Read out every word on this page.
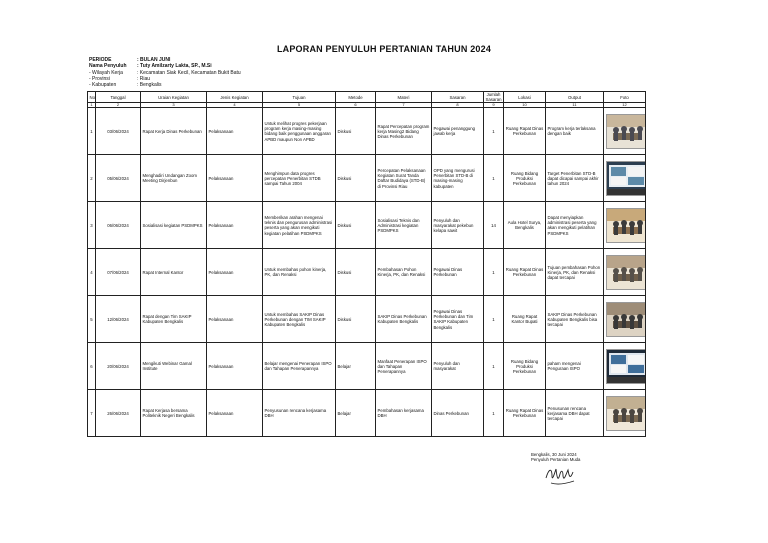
LAPORAN PENYULUH PERTANIAN TAHUN 2024
PERIODE	: BULAN JUNI
Nama Penyuluh	: Tuty Amilzarty Lakta, SP., M.Si
- Wilayah Kerja	: Kecamatan Siak Kecil, Kecamatan Bukit Batu
- Provinsi	: Riau
- Kabupaten	: Bengkalis
No	Tanggal	Uraian Kegiatan	Jenis Kegiatan	Tujuan	Metode	Materi	Sasaran	Jumlah Sasaran	Lokasi	Output	Foto
1	2	3	4	5	6	7	8	9	10	11	12
1	03/06/2024	Rapat Kerja Dinas Perkebunan	Pelaksanaan	Untuk melihat progres pekerjaan program kerja masing-masing bidang baik penggunaan anggaran APBD maupun Non APBD	Diskusi	Rapat Percepatan program kerja Masing2 Bidang Dinas Perkebunan	Pegawai penanggung jawab kerja	1	Ruang Rapat Dinas Perkebunan	Program kerja terlaksana dengan baik	

2	05/06/2024	Menghadiri Undangan Zoom Meeting Dirjenbun	Pelaksanaan	Menghimpun data progres percepatan Penerbitan STDB sampai Tahun 2004	Diskusi	Percepatan Pelaksanaan Kegiatan Surat Tanda Daftar Budidaya (STD-B) di Provinsi Riau	OPD yang mengurusi Penerbitan STD-B di masing-masing kabupaten	1	Ruang Bidang Produksi Perkebunan	Target Penerbitan STD-B dapat dicapai sampai akhir tahun 2024	

3	06/06/2024	Sosialisasi kegiatan PSDMPKS	Pelaksanaan	Memberikan arahan mengenai teknis dan pengurusan administrasi peserta yang akan mengikuti kegiatan pelatihan PSDMPKS	Diskusi	Sosialisasi Teknis dan Administrasi kegiatan PSDMPKS	Penyuluh dan masyarakat pekebun kelapa sawit	14	Aula Hotel Surya, Bengkalis	Dapat menyiapkan administrasi peserta yang akan mengikuti pelatihan PSDMPKS	

4	07/06/2024	Rapat Internal Kantor	Pelaksanaan	Untuk membahas pohon kinerja, PK, dan Renaksi	Diskusi	Pembahasan Pohon Kinerja, PK, dan Renaksi	Pegawai Dinas Perkebunan	1	Ruang Rapat Dinas Perkebunan	Tujuan pembahasan Pohon Kinerja, PK, dan Renaksi dapat tercapai	

5	12/06/2024	Rapat dengan Tim SAKIP Kabupaten Bengkalis	Pelaksanaan	Untuk membahas SAKIP Dinas Perkebunan dengan TIM SAKIP Kabupaten Bengkalis	Diskusi	SAKIP Dinas Perkebunan Kabupaten Bengkalis	Pegawai Dinas Perkebunan dan Tim SAKIP Kabupaten Bengkalis	1	Ruang Rapat Kantor Bupati	SAKIP Dinas Perkebunan Kabupaten Bengkalis bisa tercapai	

6	20/06/2024	Mengikuti Webinar Gamal Institute	Pelaksanaan	Belajar mengenai Penerapan ISPO dan Tahapan Penerapannya	Belajar	Manfaat Penerapan ISPO dan Tahapan Penerapannya	Penyuluh dan masyarakat	1	Ruang Bidang Produksi Perkebunan	paham mengenai Penguraan ISPO	

7	26/06/2024	Rapat Kerjasa bersama Politeknik Negeri Bengkalis	Pelaksanaan	Penyusunan rencana kerjasama DBH	Belajar	Pembahasan kerjasama DBH	Dinas Perkebunan	1	Ruang Rapat Dinas Perkebunan	Penusunan rencana kerjasama DBH dapat tercapai	
Bengkalis, 30 Juni 2024
Penyuluh Pertanian Muda
